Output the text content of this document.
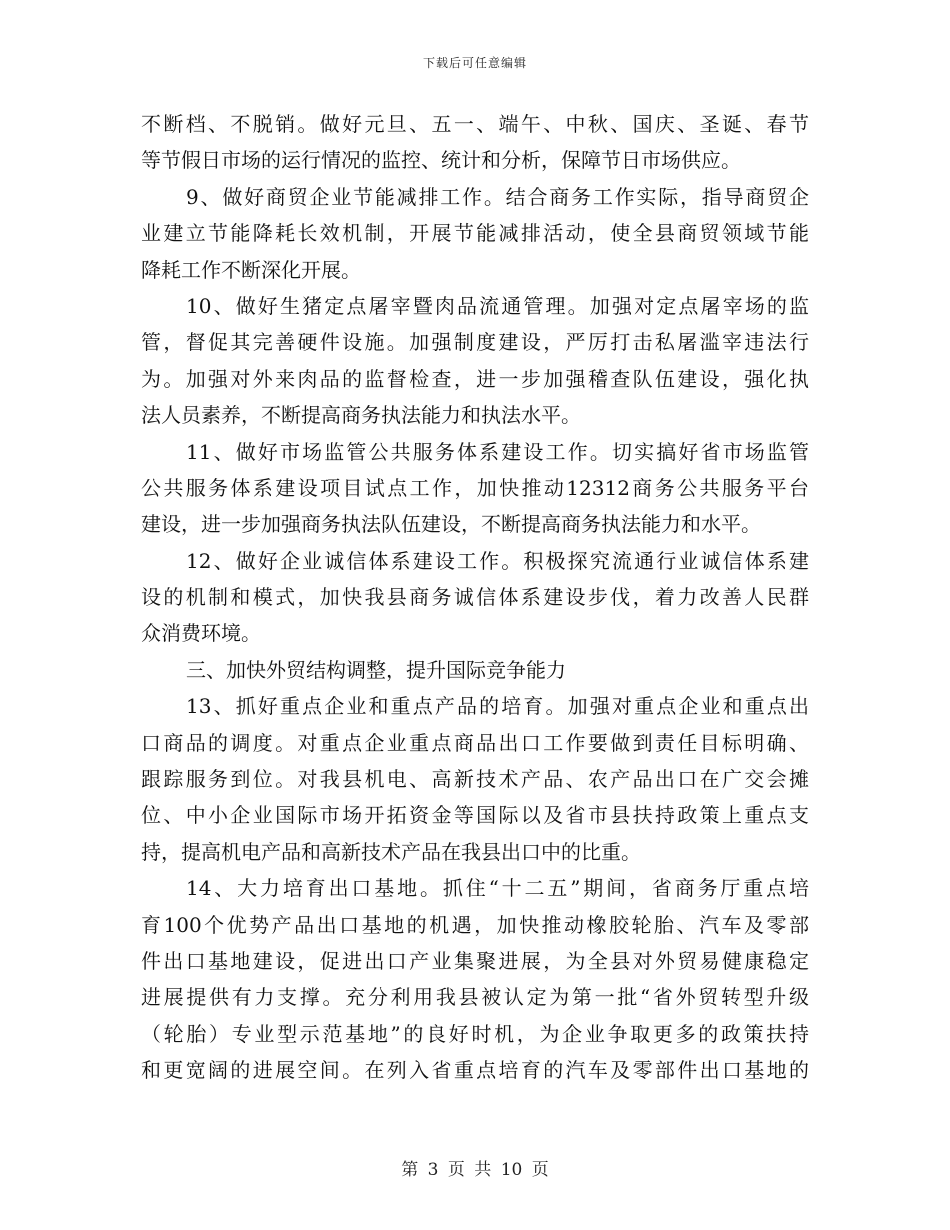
下载后可任意编辑
不断档、不脱销。做好元旦、五一、端午、中秋、国庆、圣诞、春节
等节假日市场的运行情况的监控、统计和分析，保障节日市场供应。
9、做好商贸企业节能减排工作。结合商务工作实际，指导商贸企
业建立节能降耗长效机制，开展节能减排活动，使全县商贸领域节能
降耗工作不断深化开展。
10、做好生猪定点屠宰暨肉品流通管理。加强对定点屠宰场的监
管，督促其完善硬件设施。加强制度建设，严厉打击私屠滥宰违法行
为。加强对外来肉品的监督检查，进一步加强稽查队伍建设，强化执
法人员素养，不断提高商务执法能力和执法水平。
11、做好市场监管公共服务体系建设工作。切实搞好省市场监管
公共服务体系建设项目试点工作，加快推动12312商务公共服务平台
建设，进一步加强商务执法队伍建设，不断提高商务执法能力和水平。
12、做好企业诚信体系建设工作。积极探究流通行业诚信体系建
设的机制和模式，加快我县商务诚信体系建设步伐，着力改善人民群
众消费环境。
三、加快外贸结构调整，提升国际竞争能力
13、抓好重点企业和重点产品的培育。加强对重点企业和重点出
口商品的调度。对重点企业重点商品出口工作要做到责任目标明确、
跟踪服务到位。对我县机电、高新技术产品、农产品出口在广交会摊
位、中小企业国际市场开拓资金等国际以及省市县扶持政策上重点支
持，提高机电产品和高新技术产品在我县出口中的比重。
14、大力培育出口基地。抓住“十二五”期间，省商务厅重点培
育100个优势产品出口基地的机遇，加快推动橡胶轮胎、汽车及零部
件出口基地建设，促进出口产业集聚进展，为全县对外贸易健康稳定
进展提供有力支撑。充分利用我县被认定为第一批“省外贸转型升级
（轮胎）专业型示范基地”的良好时机，为企业争取更多的政策扶持
和更宽阔的进展空间。在列入省重点培育的汽车及零部件出口基地的
第 3 页 共 10 页
